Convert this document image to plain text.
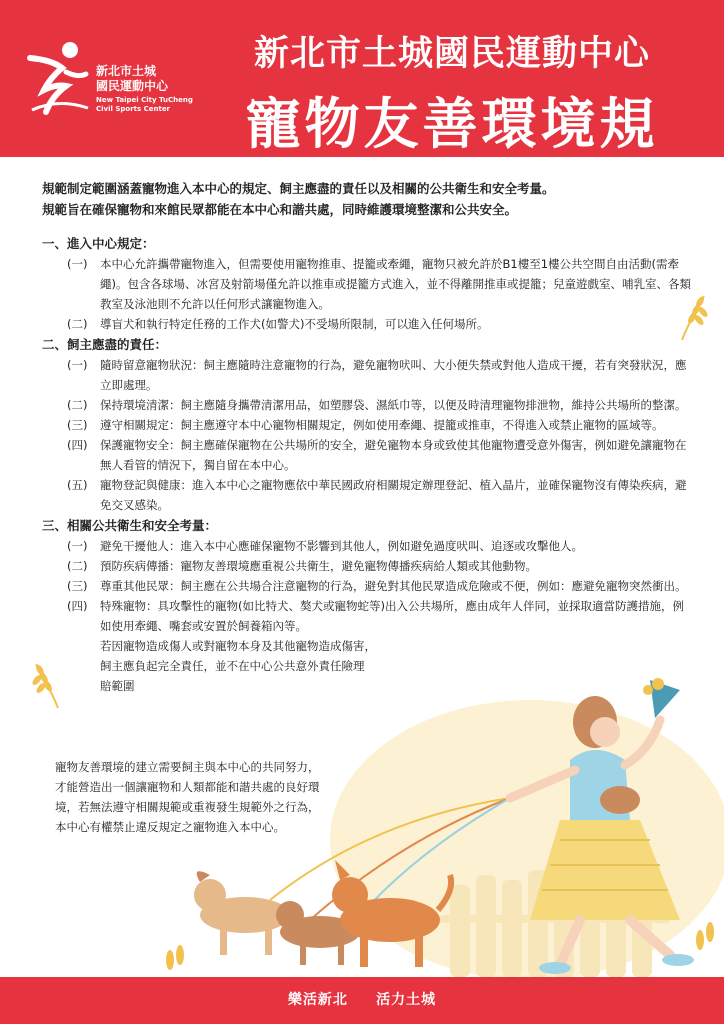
新北市土城
國民運動中心
New Taipei City TuCheng
Civil Sports Center
新北市土城國民運動中心
寵物友善環境規範
規範制定範圍涵蓋寵物進入本中心的規定、飼主應盡的責任以及相關的公共衛生和安全考量。
規範旨在確保寵物和來館民眾都能在本中心和諧共處，同時維護環境整潔和公共安全。
一、進入中心規定：
(一)	本中心允許攜帶寵物進入，但需要使用寵物推車、提籠或牽繩，寵物只被允許於B1樓至1樓公共空間自由活動(需牽繩)。包含各球場、冰宮及射箭場僅允許以推車或提籠方式進入，並不得離開推車或提籠；兒童遊戲室、哺乳室、各類教室及泳池則不允許以任何形式讓寵物進入。
(二)	導盲犬和執行特定任務的工作犬(如警犬)不受場所限制，可以進入任何場所。
二、飼主應盡的責任：
(一)	隨時留意寵物狀況：飼主應隨時注意寵物的行為，避免寵物吠叫、大小便失禁或對他人造成干擾，若有突發狀況，應立即處理。
(二)	保持環境清潔：飼主應隨身攜帶清潔用品，如塑膠袋、濕紙巾等，以便及時清理寵物排泄物，維持公共場所的整潔。
(三)	遵守相關規定：飼主應遵守本中心寵物相關規定，例如使用牽繩、提籠或推車，不得進入或禁止寵物的區域等。
(四)	保護寵物安全：飼主應確保寵物在公共場所的安全，避免寵物本身或致使其他寵物遭受意外傷害，例如避免讓寵物在無人看管的情況下，獨自留在本中心。
(五)	寵物登記與健康：進入本中心之寵物應依中華民國政府相關規定辦理登記、植入晶片，並確保寵物沒有傳染疾病，避免交叉感染。
三、相關公共衛生和安全考量：
(一)	避免干擾他人：進入本中心應確保寵物不影響到其他人，例如避免過度吠叫、追逐或攻擊他人。
(二)	預防疾病傳播：寵物友善環境應重視公共衛生，避免寵物傳播疾病給人類或其他動物。
(三)	尊重其他民眾：飼主應在公共場合注意寵物的行為，避免對其他民眾造成危險或不便，例如：應避免寵物突然衝出。
(四)	特殊寵物：具攻擊性的寵物(如比特犬、獒犬或寵物蛇等)出入公共場所，應由成年人伴同，並採取適當防護措施，例如使用牽繩、嘴套或安置於飼養箱內等。
若因寵物造成傷人或對寵物本身及其他寵物造成傷害，
飼主應負起完全責任，並不在中心公共意外責任險理
賠範圍
寵物友善環境的建立需要飼主與本中心的共同努力，
才能營造出一個讓寵物和人類都能和諧共處的良好環
境，若無法遵守相關規範或重複發生規範外之行為，
本中心有權禁止違反規定之寵物進入本中心。
樂活新北 活力土城
